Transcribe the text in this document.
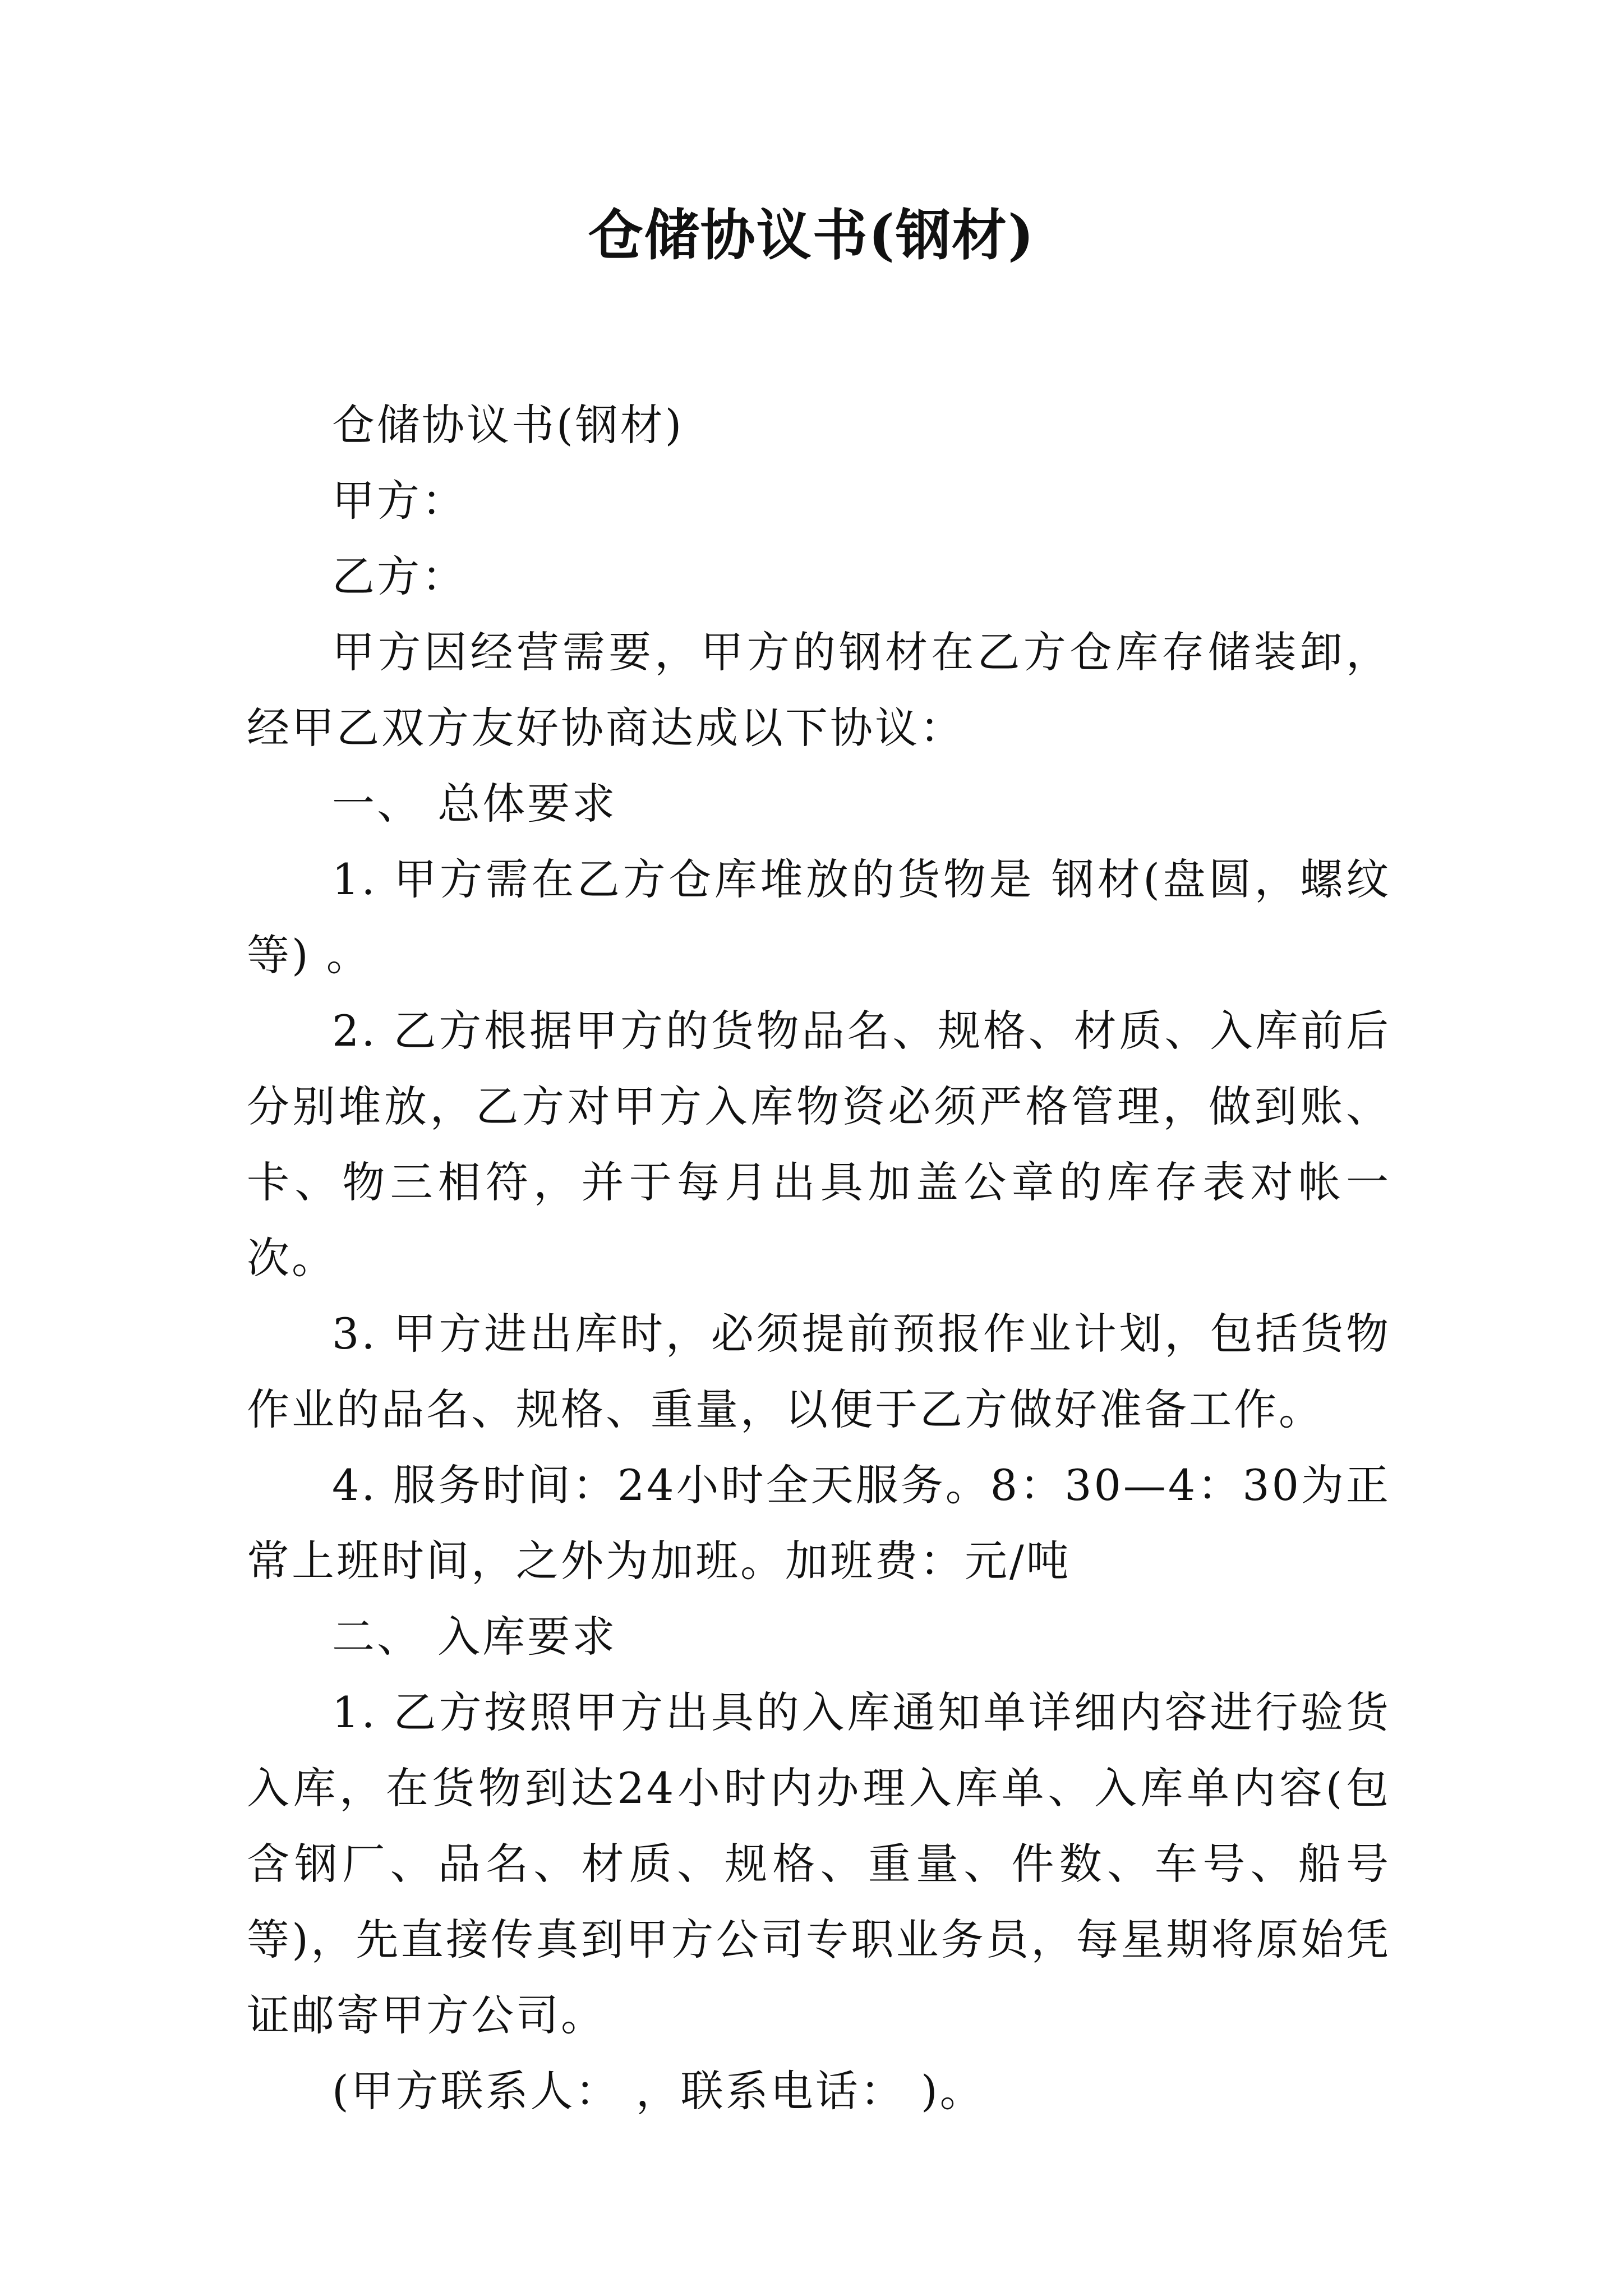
仓储协议书(钢材)

仓储协议书(钢材)

甲方：

乙方：

甲方因经营需要，甲方的钢材在乙方仓库存储装卸，经甲乙双方友好协商达成以下协议：

一、 总体要求

1. 甲方需在乙方仓库堆放的货物是 钢材(盘圆，螺纹等) 。

2. 乙方根据甲方的货物品名、规格、材质、入库前后分别堆放，乙方对甲方入库物资必须严格管理，做到账、卡、物三相符，并于每月出具加盖公章的库存表对帐一次。

3. 甲方进出库时，必须提前预报作业计划，包括货物作业的品名、规格、重量，以便于乙方做好准备工作。

4. 服务时间：24小时全天服务。8：30—4：30为正常上班时间，之外为加班。加班费：元/吨

二、 入库要求

1. 乙方按照甲方出具的入库通知单详细内容进行验货入库，在货物到达24小时内办理入库单、入库单内容(包含钢厂、品名、材质、规格、重量、件数、车号、船号等)，先直接传真到甲方公司专职业务员，每星期将原始凭证邮寄甲方公司。

(甲方联系人： ，联系电话： )。
